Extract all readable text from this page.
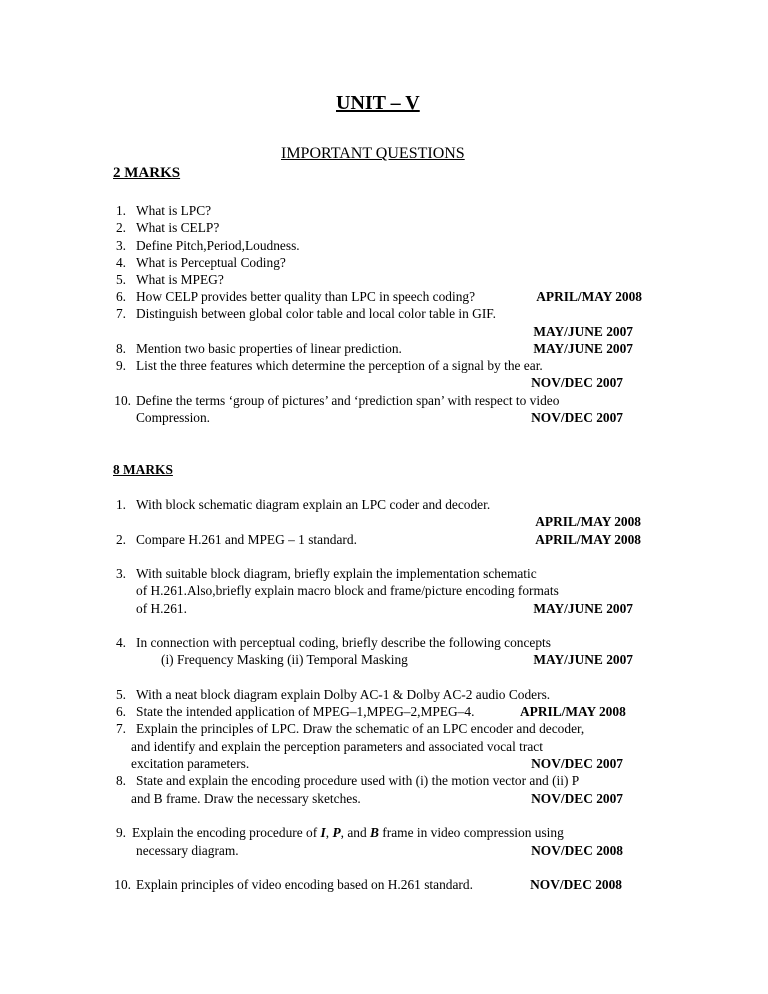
UNIT – V
IMPORTANT QUESTIONS
2 MARKS
1. What is LPC?
2. What is CELP?
3. Define Pitch,Period,Loudness.
4. What is Perceptual Coding?
5. What is MPEG?
6. How CELP provides better quality than LPC in speech coding?	APRIL/MAY 2008
7. Distinguish between global color table and local color table in GIF.
MAY/JUNE 2007
8. Mention two basic properties of linear prediction.	MAY/JUNE 2007
9. List the three features which determine the perception of a signal by the ear.
NOV/DEC 2007
10. Define the terms ‘group of pictures’ and ‘prediction span’ with respect to video
Compression.	NOV/DEC 2007
8 MARKS
1. With block schematic diagram explain an LPC coder and decoder.
APRIL/MAY 2008
2. Compare H.261 and MPEG – 1 standard.	APRIL/MAY 2008
3. With suitable block diagram, briefly explain the implementation schematic
of H.261.Also,briefly explain macro block and frame/picture encoding formats
of H.261.	MAY/JUNE 2007
4. In connection with perceptual coding, briefly describe the following concepts
(i) Frequency Masking (ii) Temporal Masking	MAY/JUNE 2007
5. With a neat block diagram explain Dolby AC-1 & Dolby AC-2 audio Coders.
6. State the intended application of MPEG–1,MPEG–2,MPEG–4.	APRIL/MAY 2008
7. Explain the principles of LPC. Draw the schematic of an LPC encoder and decoder,
and identify and explain the perception parameters and associated vocal tract
excitation parameters.	NOV/DEC 2007
8. State and explain the encoding procedure used with (i) the motion vector and (ii) P
and B frame. Draw the necessary sketches.	NOV/DEC 2007
9. Explain the encoding procedure of I, P, and B frame in video compression using
necessary diagram.	NOV/DEC 2008
10. Explain principles of video encoding based on H.261 standard.	NOV/DEC 2008
